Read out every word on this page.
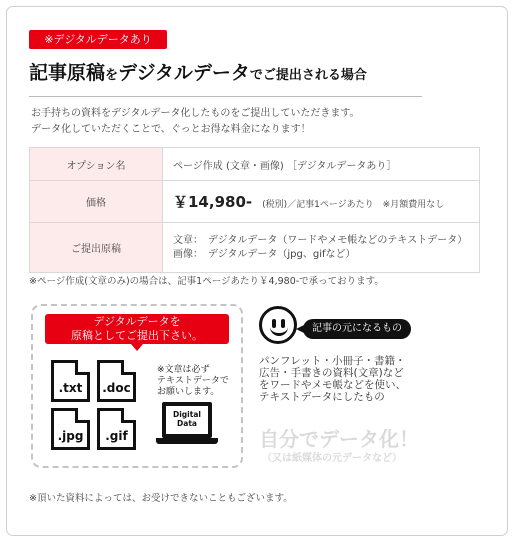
※デジタルデータあり
記事原稿をデジタルデータでご提出される場合
お手持ちの資料をデジタルデータ化したものをご提出していただきます。
データ化していただくことで、ぐっとお得な料金になります！
オプション名	ページ作成 (文章・画像) ［デジタルデータあり］
価格	￥14,980- (税別)／記事1ページあたり　※月額費用なし
ご提出原稿	文章：　デジタルデータ（ワードやメモ帳などのテキストデータ）
画像：　デジタルデータ（jpg、gifなど）
※ページ作成(文章のみ)の場合は、記事1ページあたり￥4,980-で承っております。
デジタルデータを
原稿としてご提出下さい。
.txt	.doc
.jpg	.gif
※文章は必ず
テキストデータで
お願いします。
Digital
Data
記事の元になるもの
パンフレット・小冊子・書籍・
広告・手書きの資料(文章)など
をワードやメモ帳などを使い、
テキストデータにしたもの
自分でデータ化！
（又は紙媒体の元データなど）
※頂いた資料によっては、お受けできないこともございます。
